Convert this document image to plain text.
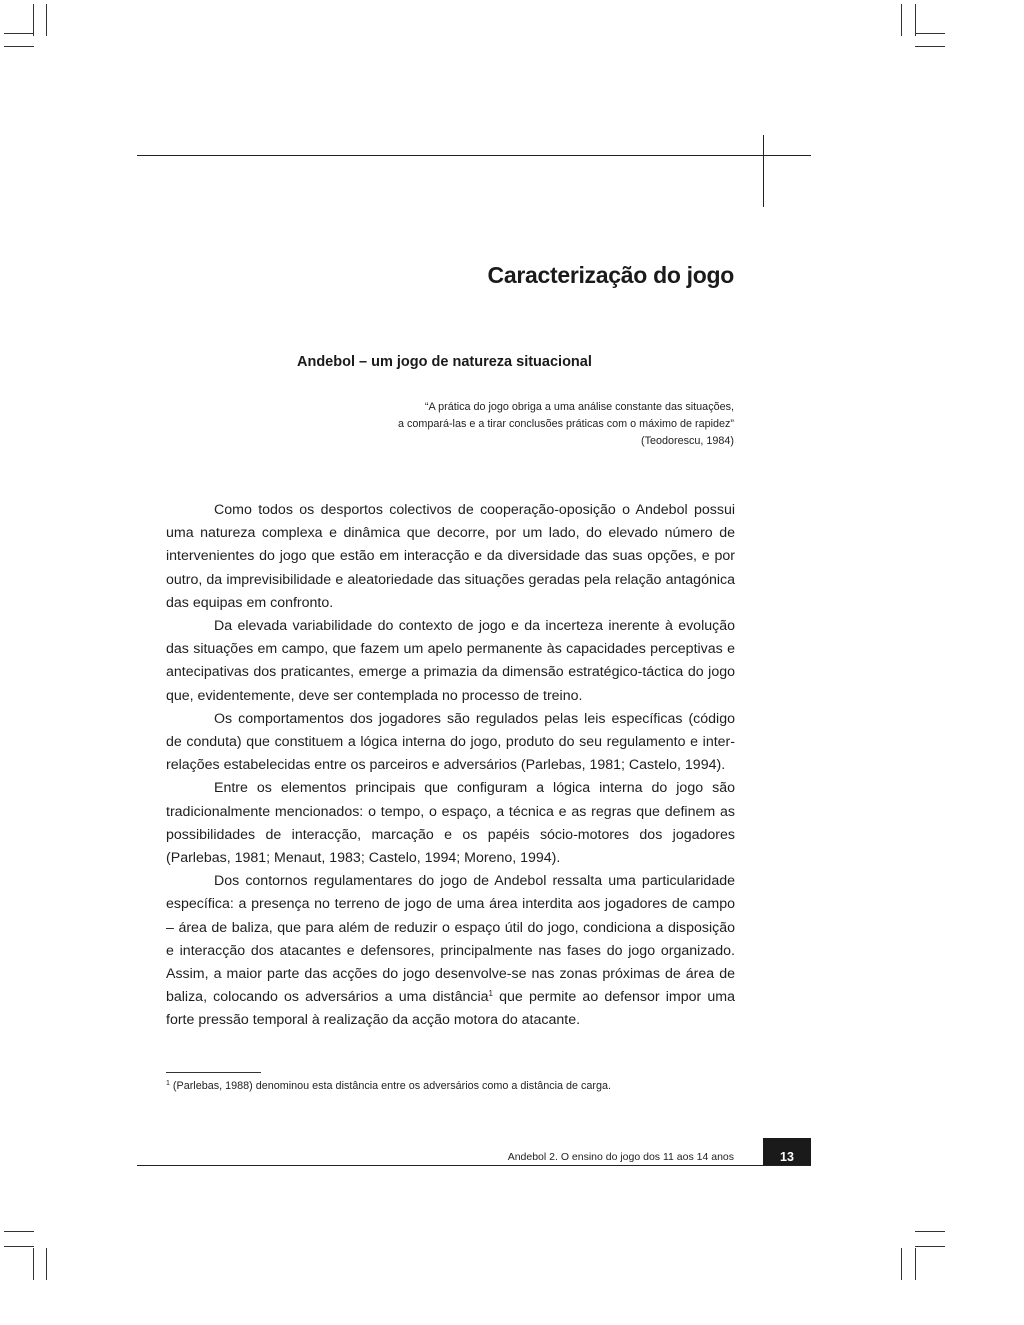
Caracterização do jogo
Andebol – um jogo de natureza situacional
“A prática do jogo obriga a uma análise constante das situações,
a compará-las e a tirar conclusões práticas com o máximo de rapidez”
(Teodorescu, 1984)

Como todos os desportos colectivos de cooperação-oposição o Andebol possui uma natureza complexa e dinâmica que decorre, por um lado, do elevado número de intervenientes do jogo que estão em interacção e da diversidade das suas opções, e por outro, da imprevisibilidade e aleatoriedade das situações geradas pela relação antagónica das equipas em confronto.

Da elevada variabilidade do contexto de jogo e da incerteza inerente à evolução das situações em campo, que fazem um apelo permanente às capacidades perceptivas e antecipativas dos praticantes, emerge a primazia da dimensão estratégico-táctica do jogo que, evidentemente, deve ser contemplada no processo de treino.

Os comportamentos dos jogadores são regulados pelas leis específicas (código de conduta) que constituem a lógica interna do jogo, produto do seu regulamento e inter-relações estabelecidas entre os parceiros e adversários (Parlebas, 1981; Castelo, 1994).

Entre os elementos principais que configuram a lógica interna do jogo são tradicionalmente mencionados: o tempo, o espaço, a técnica e as regras que definem as possibilidades de interacção, marcação e os papéis sócio-motores dos jogadores (Parlebas, 1981; Menaut, 1983; Castelo, 1994; Moreno, 1994).

Dos contornos regulamentares do jogo de Andebol ressalta uma particularidade específica: a presença no terreno de jogo de uma área interdita aos jogadores de campo – área de baliza, que para além de reduzir o espaço útil do jogo, condiciona a disposição e interacção dos atacantes e defensores, principalmente nas fases do jogo organizado. Assim, a maior parte das acções do jogo desenvolve-se nas zonas próximas de área de baliza, colocando os adversários a uma distância$^1$ que permite ao defensor impor uma forte pressão temporal à realização da acção motora do atacante.

$^1$ (Parlebas, 1988) denominou esta distância entre os adversários como a distância de carga.

Andebol 2. O ensino do jogo dos 11 aos 14 anos	13
